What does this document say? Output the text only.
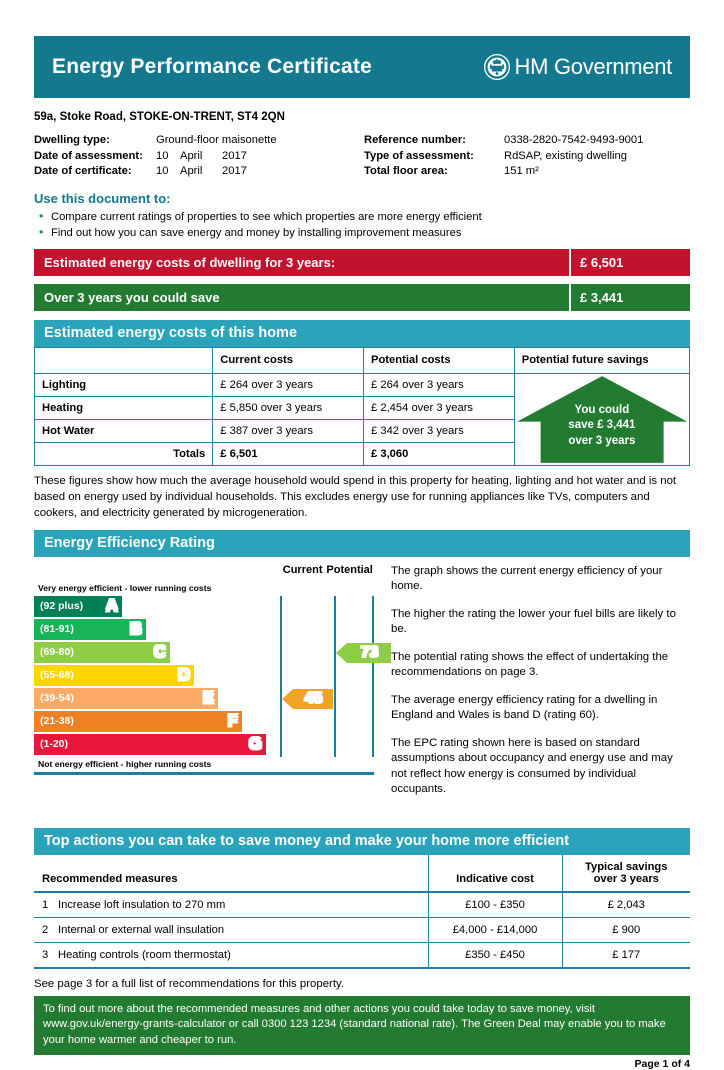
Energy Performance Certificate	HM Government
59a, Stoke Road, STOKE-ON-TRENT, ST4 2QN
Dwelling type:	Ground-floor maisonette
Date of assessment:	10 April 2017
Date of certificate:	10 April 2017
Reference number:	0338-2820-7542-9493-9001
Type of assessment:	RdSAP, existing dwelling
Total floor area:	151 m²
Use this document to:
• Compare current ratings of properties to see which properties are more energy efficient
• Find out how you can save energy and money by installing improvement measures
Estimated energy costs of dwelling for 3 years:	£ 6,501
Over 3 years you could save	£ 3,441
Estimated energy costs of this home
	Current costs	Potential costs	Potential future savings
Lighting	£ 264 over 3 years	£ 264 over 3 years	You could
save £ 3,441
over 3 years

Heating	£ 5,850 over 3 years	£ 2,454 over 3 years	
Hot Water	£ 387 over 3 years	£ 342 over 3 years	
Totals	£ 6,501	£ 3,060	
These figures show how much the average household would spend in this property for heating, lighting and hot water and is not based on energy used by individual households. This excludes energy use for running appliances like TVs, computers and cookers, and electricity generated by microgeneration.
Energy Efficiency Rating
Current Potential
Very energy efficient - lower running costs
(92 plus) A
(81-91)	B
(69-80)	C
(55-68)	D
(39-54)	E
(21-38)	F
(1-20)	G
45
73
Not energy efficient - higher running costs

The graph shows the current energy efficiency of your home.

The higher the rating the lower your fuel bills are likely to be.

The potential rating shows the effect of undertaking the recommendations on page 3.

The average energy efficiency rating for a dwelling in England and Wales is band D (rating 60).

The EPC rating shown here is based on standard assumptions about occupancy and energy use and may not reflect how energy is consumed by individual occupants.

Top actions you can take to save money and make your home more efficient
Recommended measures	Indicative cost	Typical savings
over 3 years

1 Increase loft insulation to 270 mm	£100 - £350	£ 2,043
2 Internal or external wall insulation	£4,000 - £14,000	£ 900
3 Heating controls (room thermostat)	£350 - £450	£ 177
See page 3 for a full list of recommendations for this property.
To find out more about the recommended measures and other actions you could take today to save money, visit www.gov.uk/energy-grants-calculator or call 0300 123 1234 (standard national rate). The Green Deal may enable you to make your home warmer and cheaper to run.
Page 1 of 4
